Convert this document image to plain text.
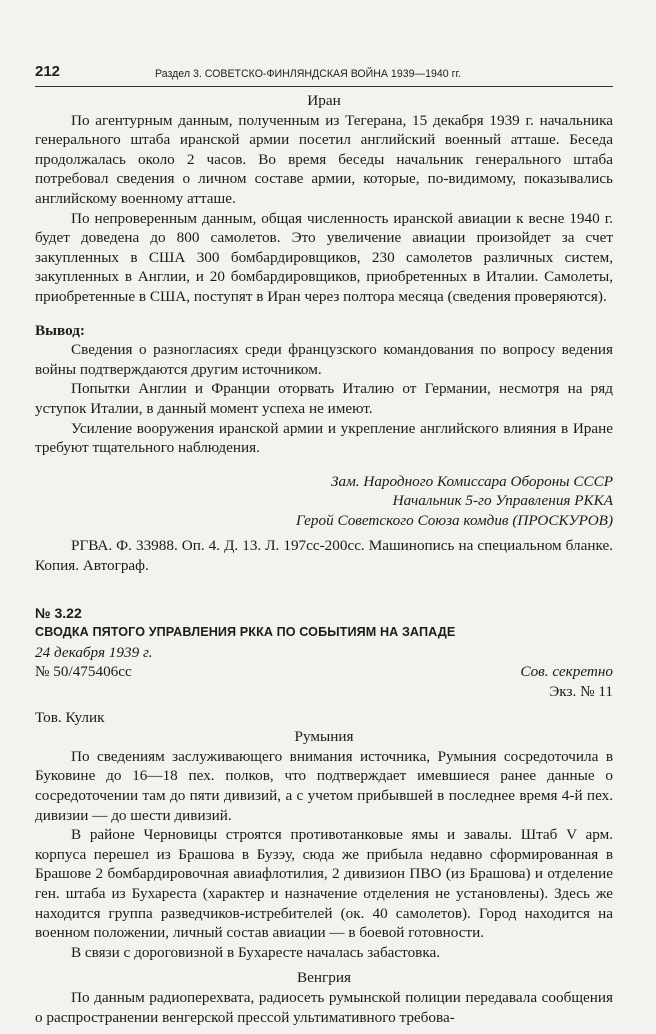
212	Раздел 3. СОВЕТСКО-ФИНЛЯНДСКАЯ ВОЙНА 1939—1940 гг.

Иран

По агентурным данным, полученным из Тегерана, 15 декабря 1939 г. начальника генерального штаба иранской армии посетил английский военный атташе. Беседа продолжалась около 2 часов. Во время беседы начальник генерального штаба потребовал сведения о личном составе армии, которые, по-видимому, показывались английскому военному атташе.

По непроверенным данным, общая численность иранской авиации к весне 1940 г. будет доведена до 800 самолетов. Это увеличение авиации произойдет за счет закупленных в США 300 бомбардировщиков, 230 самолетов различных систем, закупленных в Англии, и 20 бомбардировщиков, приобретенных в Италии. Самолеты, приобретенные в США, поступят в Иран через полтора месяца (сведения проверяются).

Вывод:

Сведения о разногласиях среди французского командования по вопросу ведения войны подтверждаются другим источником.

Попытки Англии и Франции оторвать Италию от Германии, несмотря на ряд уступок Италии, в данный момент успеха не имеют.

Усиление вооружения иранской армии и укрепление английского влияния в Иране требуют тщательного наблюдения.

Зам. Народного Комиссара Обороны СССР

Начальник 5-го Управления РККА

Герой Советского Союза комдив (ПРОСКУРОВ)

РГВА. Ф. 33988. Оп. 4. Д. 13. Л. 197сс-200сс. Машинопись на специальном бланке. Копия. Автограф.

№ 3.22

СВОДКА ПЯТОГО УПРАВЛЕНИЯ РККА ПО СОБЫТИЯМ НА ЗАПАДЕ

24 декабря 1939 г.

№ 50/475406сс	Сов. секретно
Экз. № 11

Тов. Кулик

Румыния

По сведениям заслуживающего внимания источника, Румыния сосредоточила в Буковине до 16—18 пех. полков, что подтверждает имевшиеся ранее данные о сосредоточении там до пяти дивизий, а с учетом прибывшей в последнее время 4-й пех. дивизии — до шести дивизий.

В районе Черновицы строятся противотанковые ямы и завалы. Штаб V арм. корпуса перешел из Брашова в Бузэу, сюда же прибыла недавно сформированная в Брашове 2 бомбардировочная авиафлотилия, 2 дивизион ПВО (из Брашова) и отделение ген. штаба из Бухареста (характер и назначение отделения не установлены). Здесь же находится группа разведчиков-истребителей (ок. 40 самолетов). Город находится на военном положении, личный состав авиации — в боевой готовности.

В связи с дороговизной в Бухаресте началась забастовка.

Венгрия

По данным радиоперехвата, радиосеть румынской полиции передавала сообщения о распространении венгерской прессой ультимативного требова-
